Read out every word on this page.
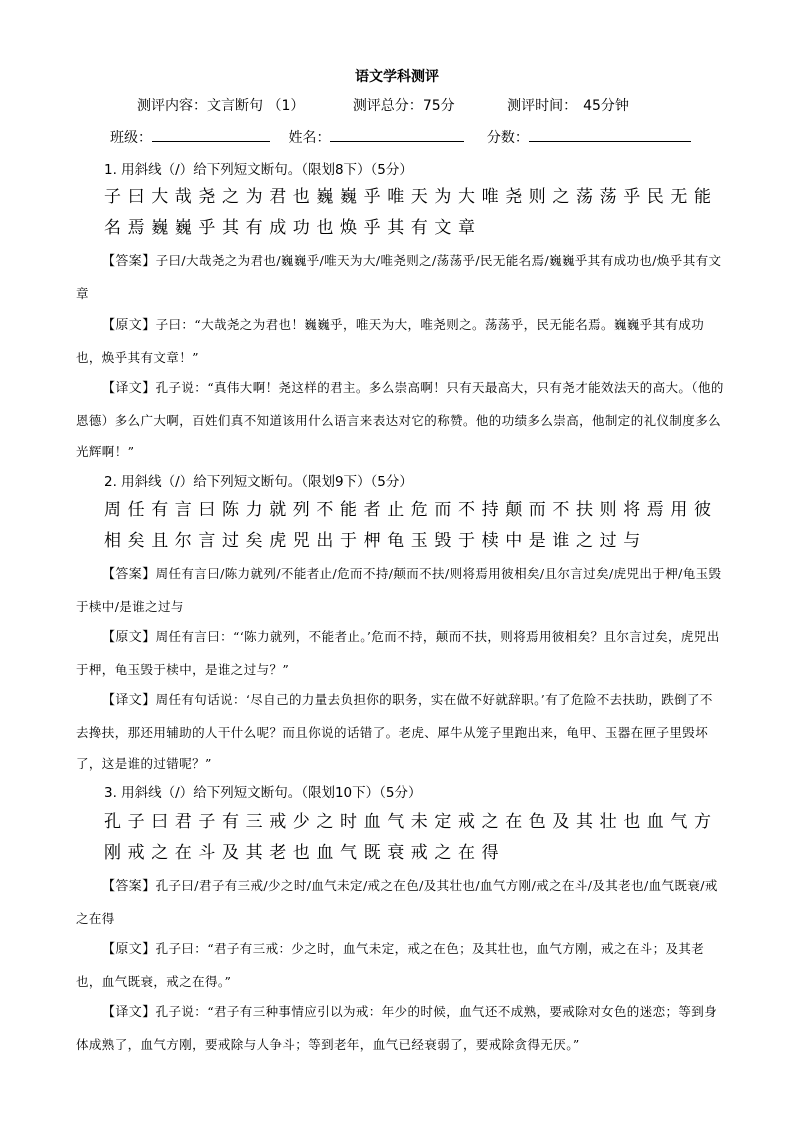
语文学科测评
测评内容：文言断句 （1）	测评总分：75分	测评时间： 45分钟
班级：	姓名：	分数：
1. 用斜线（/）给下列短文断句。（限划8下）（5分）
子曰大哉尧之为君也巍巍乎唯天为大唯尧则之荡荡乎民无能名焉巍巍乎其有成功也焕乎其有文章
【答案】子曰/大哉尧之为君也/巍巍乎/唯天为大/唯尧则之/荡荡乎/民无能名焉/巍巍乎其有成功也/焕乎其有文章
【原文】子曰：“大哉尧之为君也！巍巍乎，唯天为大，唯尧则之。荡荡乎，民无能名焉。巍巍乎其有成功也，焕乎其有文章！”
【译文】孔子说：“真伟大啊！尧这样的君主。多么崇高啊！只有天最高大，只有尧才能效法天的高大。（他的恩德）多么广大啊，百姓们真不知道该用什么语言来表达对它的称赞。他的功绩多么崇高，他制定的礼仪制度多么光辉啊！”
2. 用斜线（/）给下列短文断句。（限划9下）（5分）
周任有言曰陈力就列不能者止危而不持颠而不扶则将焉用彼相矣且尔言过矣虎兕出于柙龟玉毁于椟中是谁之过与
【答案】周任有言曰/陈力就列/不能者止/危而不持/颠而不扶/则将焉用彼相矣/且尔言过矣/虎兕出于柙/龟玉毁于椟中/是谁之过与
【原文】周任有言曰：“‘陈力就列，不能者止。’危而不持，颠而不扶，则将焉用彼相矣？且尔言过矣，虎兕出于柙，龟玉毁于椟中，是谁之过与？”
【译文】周任有句话说：‘尽自己的力量去负担你的职务，实在做不好就辞职。’有了危险不去扶助，跌倒了不去搀扶，那还用辅助的人干什么呢？而且你说的话错了。老虎、犀牛从笼子里跑出来，龟甲、玉器在匣子里毁坏了，这是谁的过错呢？”
3. 用斜线（/）给下列短文断句。（限划10下）（5分）
孔子曰君子有三戒少之时血气未定戒之在色及其壮也血气方刚戒之在斗及其老也血气既衰戒之在得
【答案】孔子曰/君子有三戒/少之时/血气未定/戒之在色/及其壮也/血气方刚/戒之在斗/及其老也/血气既衰/戒之在得
【原文】孔子曰：“君子有三戒：少之时，血气未定，戒之在色；及其壮也，血气方刚，戒之在斗；及其老也，血气既衰，戒之在得。”
【译文】孔子说：“君子有三种事情应引以为戒：年少的时候，血气还不成熟，要戒除对女色的迷恋；等到身体成熟了，血气方刚，要戒除与人争斗；等到老年，血气已经衰弱了，要戒除贪得无厌。”
